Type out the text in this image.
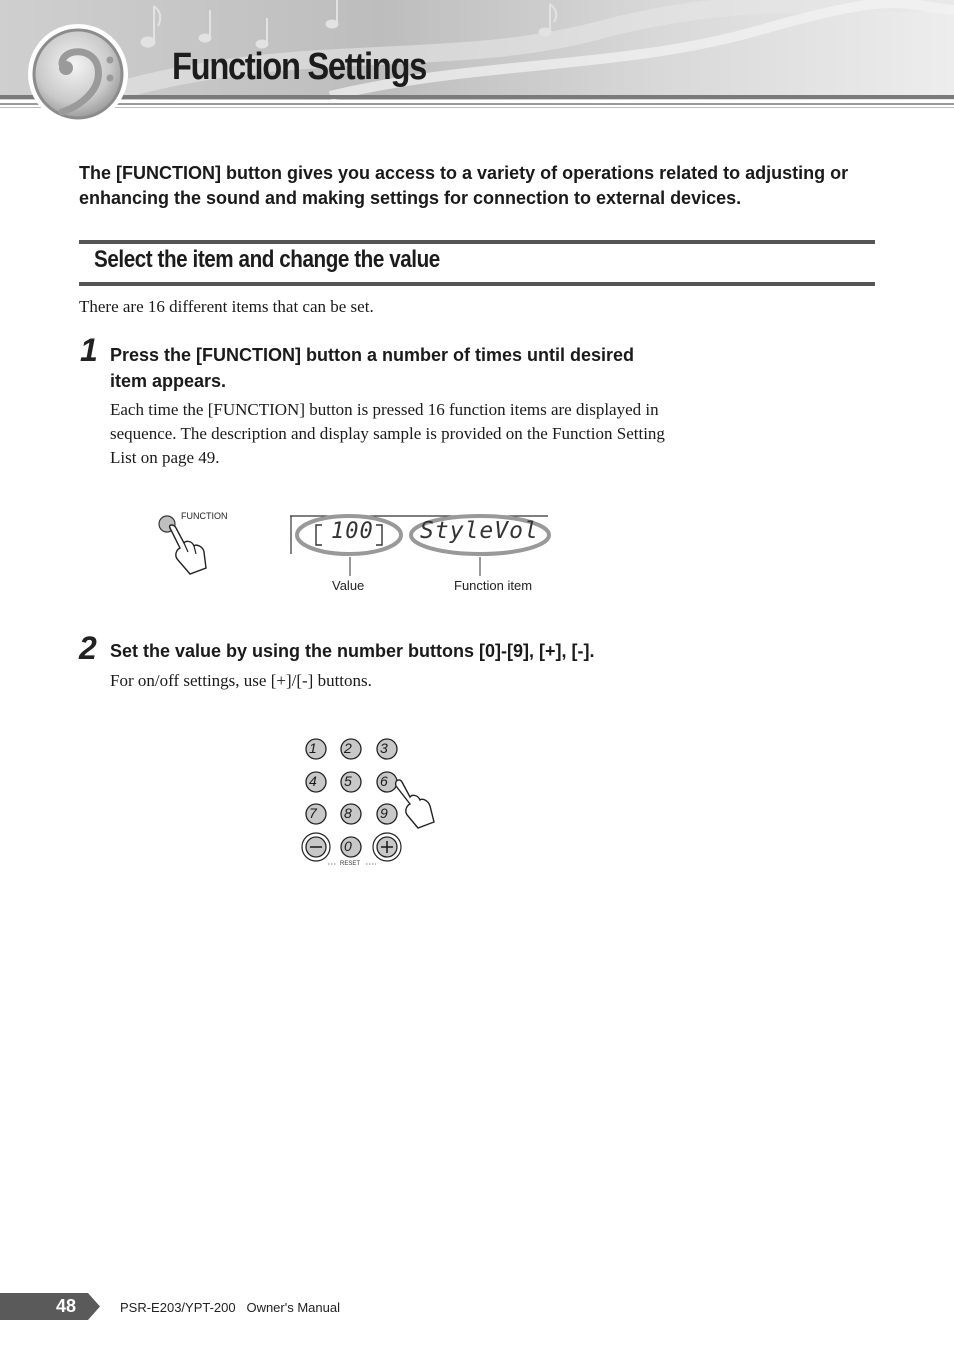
Function Settings

The [FUNCTION] button gives you access to a variety of operations related to adjusting or enhancing the sound and making settings for connection to external devices.

Select the item and change the value

There are 16 different items that can be set.

1 Press the [FUNCTION] button a number of times until desired item appears.

Each time the [FUNCTION] button is pressed 16 function items are displayed in sequence. The description and display sample is provided on the Function Setting List on page 49.

FUNCTION
100 StyleVol
Value	Function item
2 Set the value by using the number buttons [0]-[9], [+], [-].

For on/off settings, use [+]/[-] buttons.

1 2 3
4 5 6
7 8 9
0
RESET
48	PSR-E203/YPT-200   Owner's Manual
